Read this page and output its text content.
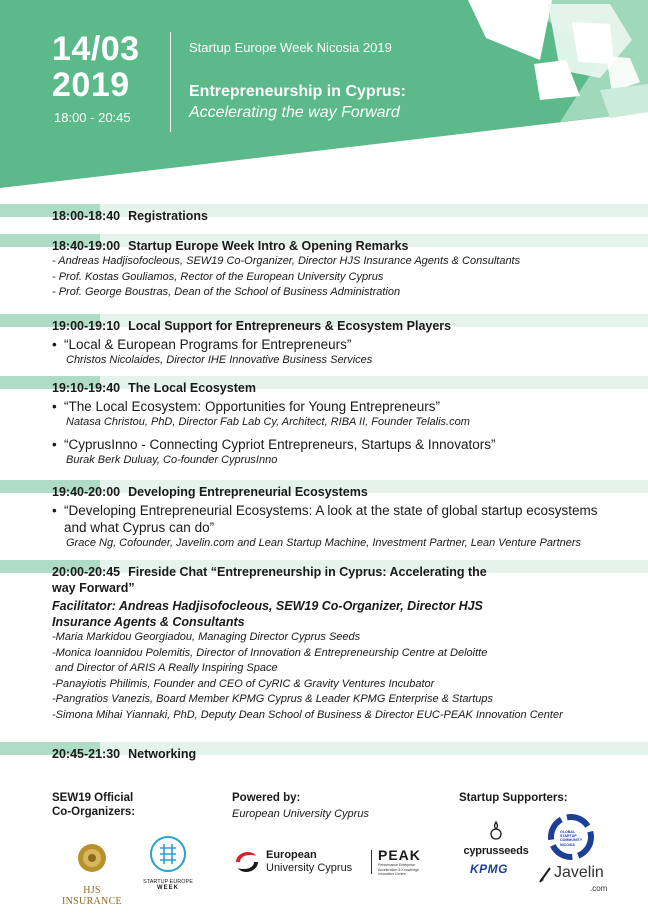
14/03
2019
18:00 - 20:45
Startup Europe Week Nicosia 2019
Entrepreneurship in Cyprus:
Accelerating the way Forward
18:00-18:40 Registrations
18:40-19:00 Startup Europe Week Intro & Opening Remarks
- Andreas Hadjisofocleous, SEW19 Co-Organizer, Director HJS Insurance Agents & Consultants
- Prof. Kostas Gouliamos, Rector of the European University Cyprus
- Prof. George Boustras, Dean of the School of Business Administration
19:00-19:10 Local Support for Entrepreneurs & Ecosystem Players
• “Local & European Programs for Entrepreneurs”
Christos Nicolaides, Director IHE Innovative Business Services
19:10-19:40 The Local Ecosystem
• “The Local Ecosystem: Opportunities for Young Entrepreneurs”
Natasa Christou, PhD, Director Fab Lab Cy, Architect, RIBA II, Founder Telalis.com
• “CyprusInno - Connecting Cypriot Entrepreneurs, Startups & Innovators”
Burak Berk Duluay, Co-founder CyprusInno
19:40-20:00 Developing Entrepreneurial Ecosystems
• “Developing Entrepreneurial Ecosystems: A look at the state of global startup ecosystems and what Cyprus can do”
Grace Ng, Cofounder, Javelin.com and Lean Startup Machine, Investment Partner, Lean Venture Partners
20:00-20:45 Fireside Chat “Entrepreneurship in Cyprus: Accelerating the way Forward”
Facilitator: Andreas Hadjisofocleous, SEW19 Co-Organizer, Director HJS Insurance Agents & Consultants
-Maria Markidou Georgiadou, Managing Director Cyprus Seeds
-Monica Ioannidou Polemitis, Director of Innovation & Entrepreneurship Centre at Deloitte
and Director of ARIS A Really Inspiring Space
-Panayiotis Philimis, Founder and CEO of CyRIC & Gravity Ventures Incubator
-Pangratios Vanezis, Board Member KPMG Cyprus & Leader KPMG Enterprise & Startups
-Simona Mihai Yiannaki, PhD, Deputy Dean School of Business & Director EUC-PEAK Innovation Center
20:45-21:30 Networking
SEW19 Official
Co-Organizers:
HJS INSURANCE
STARTUP EUROPE
WEEK
Powered by:
European University Cyprus
European
University Cyprus
PEAK
Performance Enterprise Acceleration & Knowledge Innovation Centre
Startup Supporters:
cyprusseeds
KPMG
GLOBAL STARTUP COMMUNITY NICOSIA
Javelin
.com
